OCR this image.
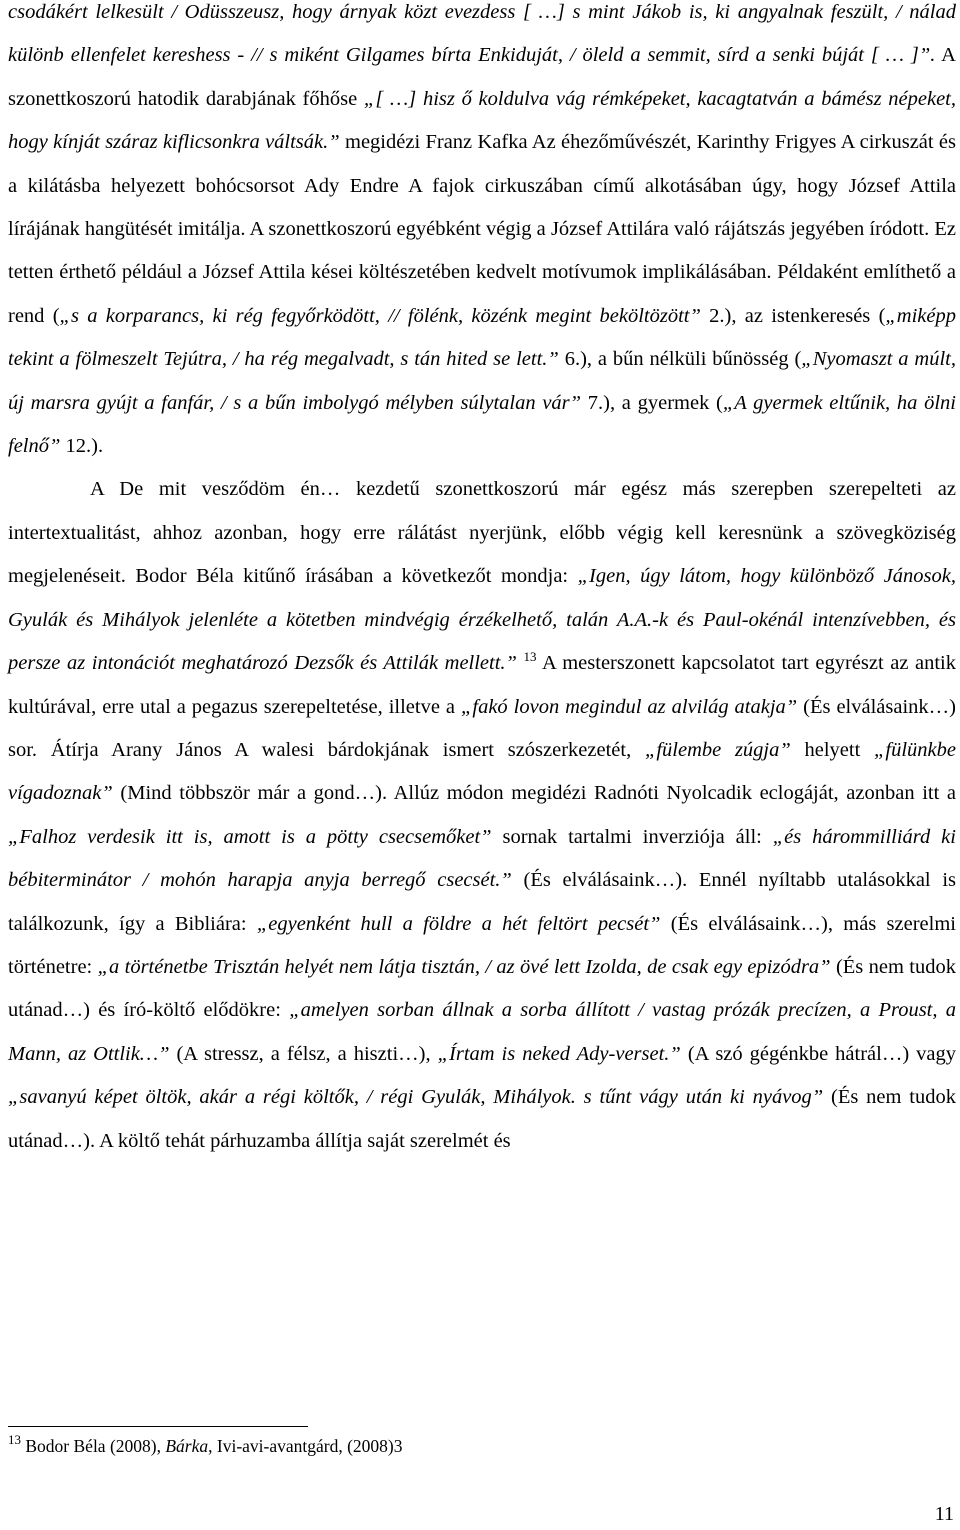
csodákért lelkesült / Odüsszeusz, hogy árnyak közt evezdess [ …] s mint Jákob is, ki angyalnak feszült, / nálad különb ellenfelet kereshess - // s miként Gilgames bírta Enkiduját, / öleld a semmit, sírd a senki búját [ … ]”. A szonettkoszorú hatodik darabjának főhőse „[ …] hisz ő koldulva vág rémképeket, kacagtatván a bámész népeket, hogy kínját száraz kiflicsonkra váltsák.” megidézi Franz Kafka Az éhezőművészét, Karinthy Frigyes A cirkuszát és a kilátásba helyezett bohócsorsot Ady Endre A fajok cirkuszában című alkotásában úgy, hogy József Attila lírájának hangütését imitálja. A szonettkoszorú egyébként végig a József Attilára való rájátszás jegyében íródott. Ez tetten érthető például a József Attila kései költészetében kedvelt motívumok implikálásában. Példaként említhető a rend („s a korparancs, ki rég fegyőrködött, // fölénk, közénk megint beköltözött” 2.), az istenkeresés („miképp tekint a fölmeszelt Tejútra, / ha rég megalvadt, s tán hited se lett.” 6.), a bűn nélküli bűnösség („Nyomaszt a múlt, új marsra gyújt a fanfár, / s a bűn imbolygó mélyben súlytalan vár” 7.), a gyermek („A gyermek eltűnik, ha ölni felnő” 12.).

A De mit vesződöm én… kezdetű szonettkoszorú már egész más szerepben szerepelteti az intertextualitást, ahhoz azonban, hogy erre rálátást nyerjünk, előbb végig kell keresnünk a szövegköziség megjelenéseit. Bodor Béla kitűnő írásában a következőt mondja: „Igen, úgy látom, hogy különböző Jánosok, Gyulák és Mihályok jelenléte a kötetben mindvégig érzékelhető, talán A.A.-k és Paul-okénál intenzívebben, és persze az intonációt meghatározó Dezsők és Attilák mellett.” $^{13}$ A mesterszonett kapcsolatot tart egyrészt az antik kultúrával, erre utal a pegazus szerepeltetése, illetve a „fakó lovon megindul az alvilág atakja” (És elválásaink…) sor. Átírja Arany János A walesi bárdokjának ismert szószerkezetét, „fülembe zúgja” helyett „fülünkbe vígadoznak” (Mind többször már a gond…). Allúz módon megidézi Radnóti Nyolcadik eclogáját, azonban itt a „Falhoz verdesik itt is, amott is a pötty csecsemőket” sornak tartalmi inverziója áll: „és hárommilliárd ki bébiterminátor / mohón harapja anyja berregő csecsét.” (És elválásaink…). Ennél nyíltabb utalásokkal is találkozunk, így a Bibliára: „egyenként hull a földre a hét feltört pecsét” (És elválásaink…), más szerelmi történetre: „a történetbe Trisztán helyét nem látja tisztán, / az övé lett Izolda, de csak egy epizódra” (És nem tudok utánad…) és író-költő elődökre: „amelyen sorban állnak a sorba állított / vastag prózák precízen, a Proust, a Mann, az Ottlik…” (A stressz, a félsz, a hiszti…), „Írtam is neked Ady-verset.” (A szó gégénkbe hátrál…) vagy „savanyú képet öltök, akár a régi költők, / régi Gyulák, Mihályok. s tűnt vágy után ki nyávog” (És nem tudok utánad…). A költő tehát párhuzamba állítja saját szerelmét és

$^{13}$ Bodor Béla (2008), Bárka, Ivi-avi-avantgárd, (2008)3

11
